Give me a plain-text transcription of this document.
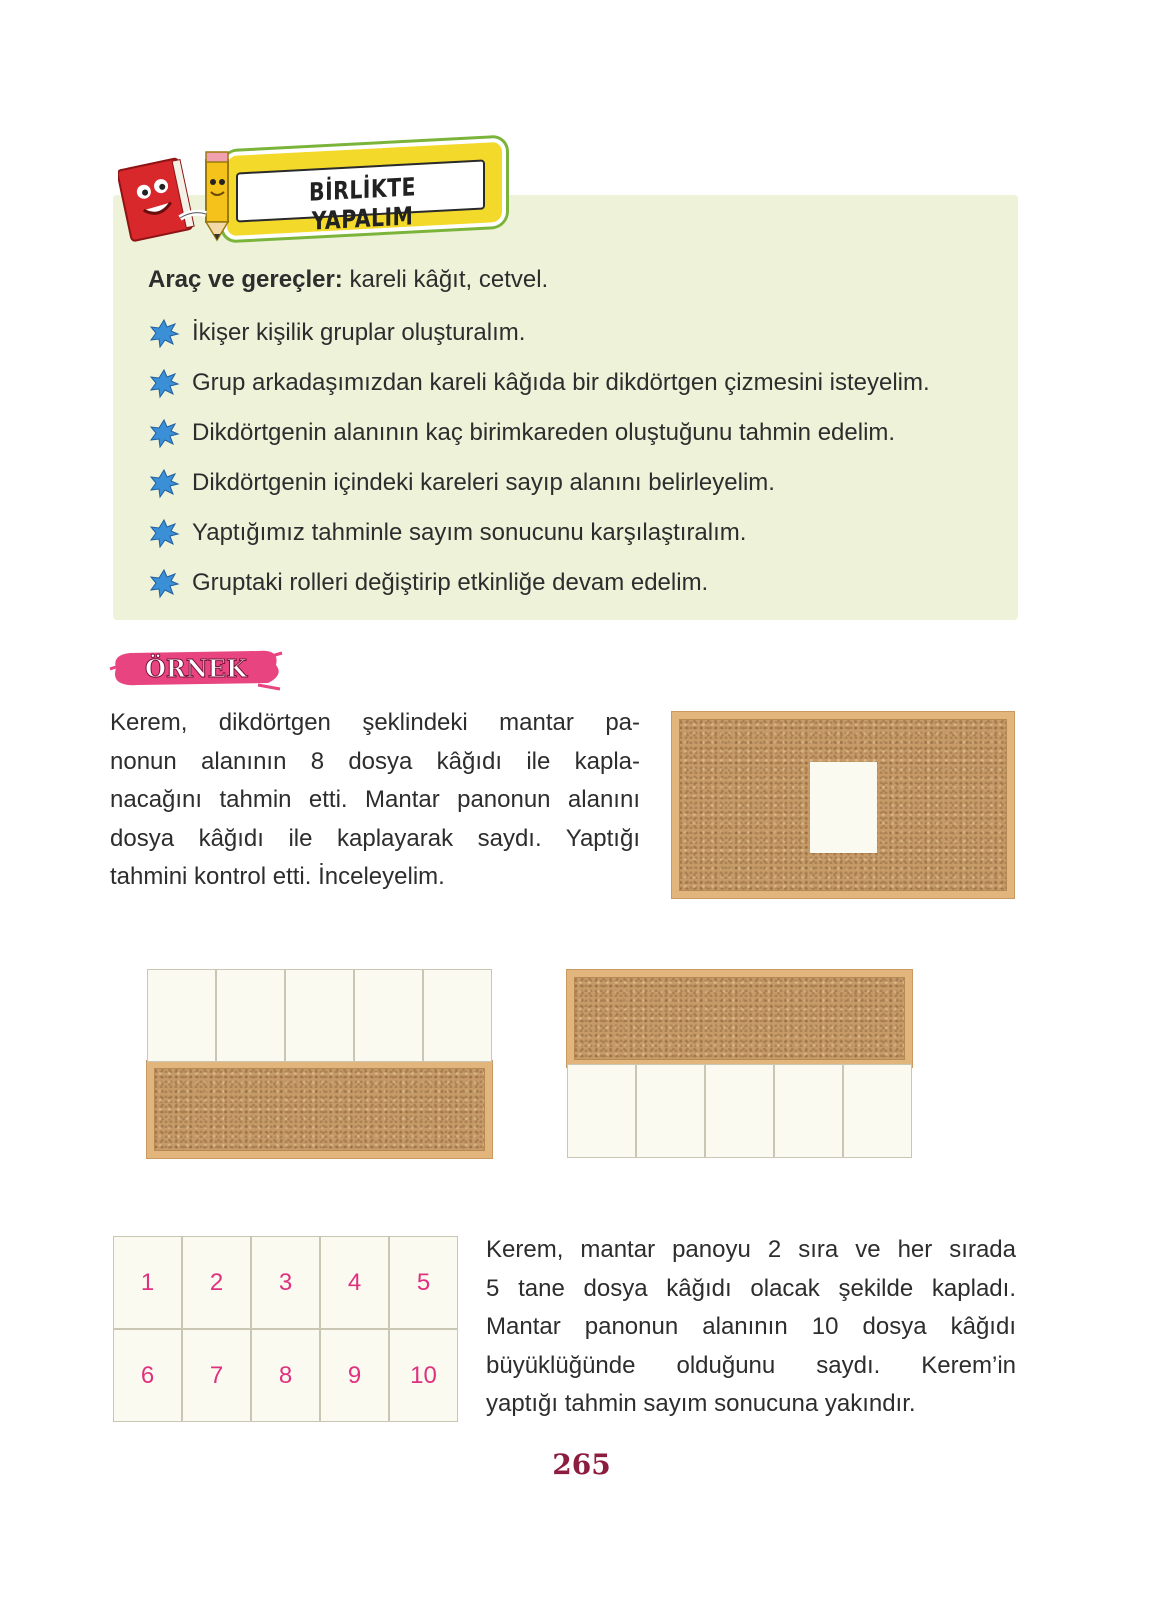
BİRLİKTE YAPALIM
Araç ve gereçler: kareli kâğıt, cetvel.
İkişer kişilik gruplar oluşturalım.
Grup arkadaşımızdan kareli kâğıda bir dikdörtgen çizmesini isteyelim.
Dikdörtgenin alanının kaç birimkareden oluştuğunu tahmin edelim.
Dikdörtgenin içindeki kareleri sayıp alanını belirleyelim.
Yaptığımız tahminle sayım sonucunu karşılaştıralım.
Gruptaki rolleri değiştirip etkinliğe devam edelim.
ÖRNEK
Kerem, dikdörtgen şeklindeki mantar pa-
nonun alanının 8 dosya kâğıdı ile kapla-
nacağını tahmin etti. Mantar panonun alanını
dosya kâğıdı ile kaplayarak saydı. Yaptığı
tahmini kontrol etti. İnceleyelim.
1 2 3 4 5
6 7 8 9 10
Kerem, mantar panoyu 2 sıra ve her sırada
5 tane dosya kâğıdı olacak şekilde kapladı.
Mantar panonun alanının 10 dosya kâğıdı
büyüklüğünde olduğunu saydı. Kerem’in
yaptığı tahmin sayım sonucuna yakındır.
265
